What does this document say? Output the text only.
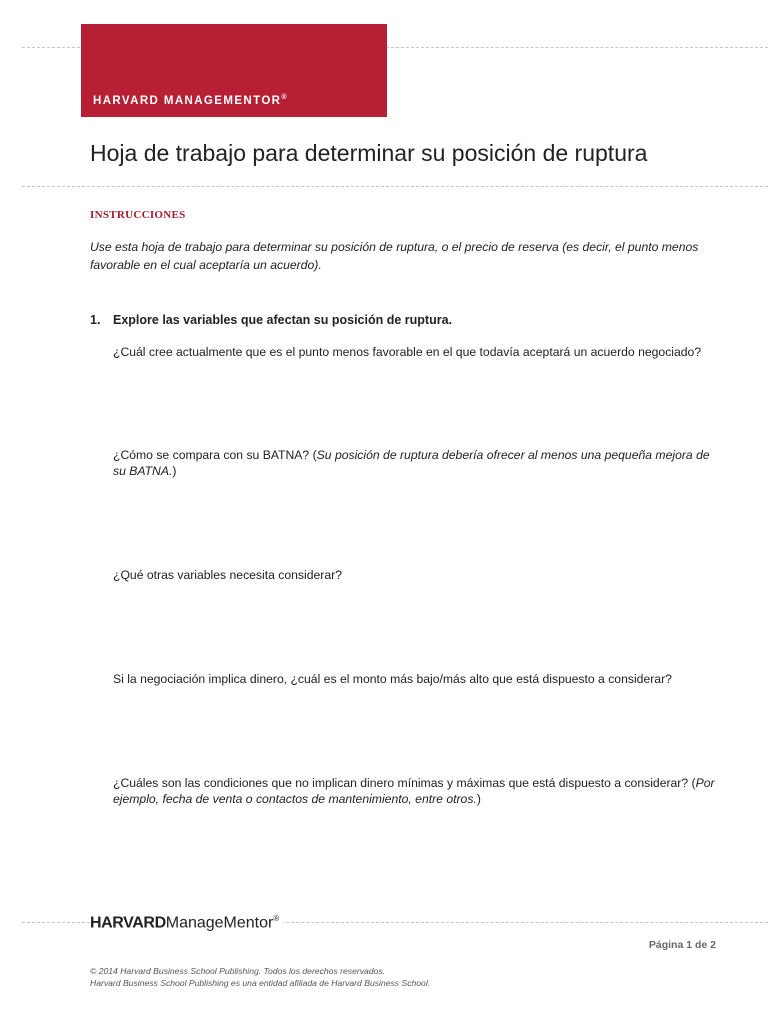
HARVARD MANAGEMENTOR®
Hoja de trabajo para determinar su posición de ruptura
INSTRUCCIONES
Use esta hoja de trabajo para determinar su posición de ruptura, o el precio de reserva (es decir, el punto menos favorable en el cual aceptaría un acuerdo).
1. Explore las variables que afectan su posición de ruptura.
¿Cuál cree actualmente que es el punto menos favorable en el que todavía aceptará un acuerdo negociado?
¿Cómo se compara con su BATNA? (Su posición de ruptura debería ofrecer al menos una pequeña mejora de su BATNA.)
¿Qué otras variables necesita considerar?
Si la negociación implica dinero, ¿cuál es el monto más bajo/más alto que está dispuesto a considerar?
¿Cuáles son las condiciones que no implican dinero mínimas y máximas que está dispuesto a considerar? (Por ejemplo, fecha de venta o contactos de mantenimiento, entre otros.)
HARVARDManageMentor®
Página 1 de 2
© 2014 Harvard Business School Publishing. Todos los derechos reservados.
Harvard Business School Publishing es una entidad afiliada de Harvard Business School.
